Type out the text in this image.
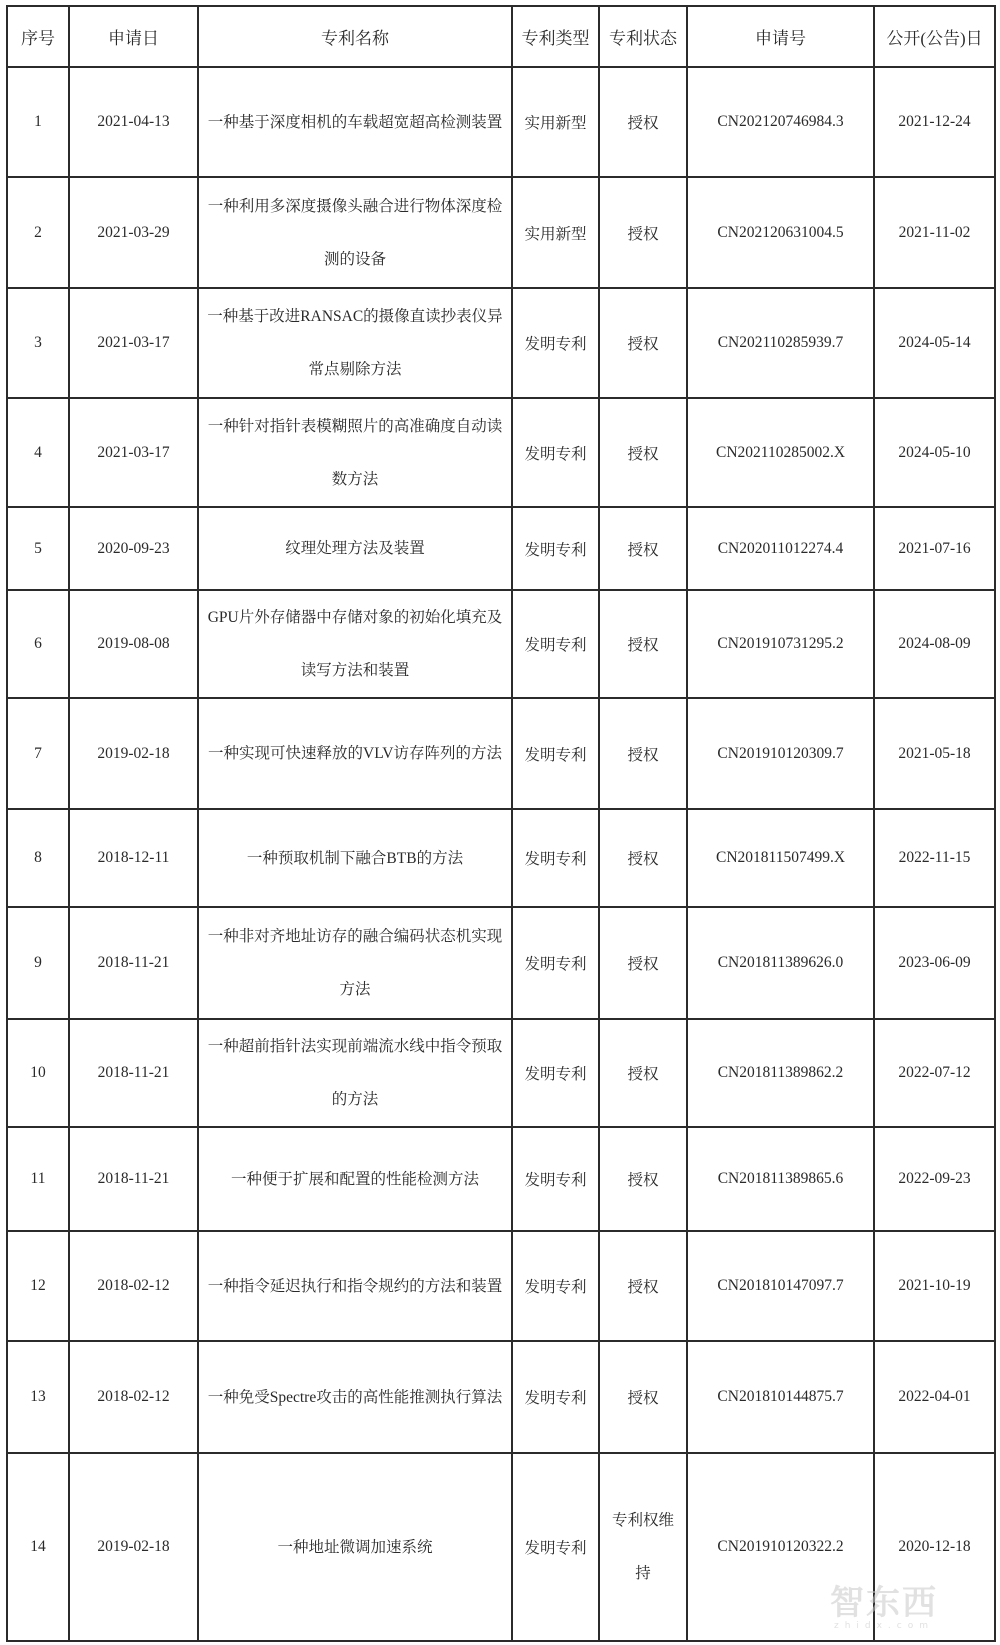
序号	申请日	专利名称	专利类型	专利状态	申请号	公开(公告)日
1	2021-04-13	一种基于深度相机的车载超宽超高检测装置	实用新型	授权	CN202120746984.3	2021-12-24
2	2021-03-29	一种利用多深度摄像头融合进行物体深度检测的设备	实用新型	授权	CN202120631004.5	2021-11-02
3	2021-03-17	一种基于改进RANSAC的摄像直读抄表仪异常点剔除方法	发明专利	授权	CN202110285939.7	2024-05-14
4	2021-03-17	一种针对指针表模糊照片的高准确度自动读数方法	发明专利	授权	CN202110285002.X	2024-05-10
5	2020-09-23	纹理处理方法及装置	发明专利	授权	CN202011012274.4	2021-07-16
6	2019-08-08	GPU片外存储器中存储对象的初始化填充及读写方法和装置	发明专利	授权	CN201910731295.2	2024-08-09
7	2019-02-18	一种实现可快速释放的VLV访存阵列的方法	发明专利	授权	CN201910120309.7	2021-05-18
8	2018-12-11	一种预取机制下融合BTB的方法	发明专利	授权	CN201811507499.X	2022-11-15
9	2018-11-21	一种非对齐地址访存的融合编码状态机实现方法	发明专利	授权	CN201811389626.0	2023-06-09
10	2018-11-21	一种超前指针法实现前端流水线中指令预取的方法	发明专利	授权	CN201811389862.2	2022-07-12
11	2018-11-21	一种便于扩展和配置的性能检测方法	发明专利	授权	CN201811389865.6	2022-09-23
12	2018-02-12	一种指令延迟执行和指令规约的方法和装置	发明专利	授权	CN201810147097.7	2021-10-19
13	2018-02-12	一种免受Spectre攻击的高性能推测执行算法	发明专利	授权	CN201810144875.7	2022-04-01
14	2019-02-18	一种地址微调加速系统	发明专利	专利权维持	CN201910120322.2	2020-12-18
智东西
zhidx.com
